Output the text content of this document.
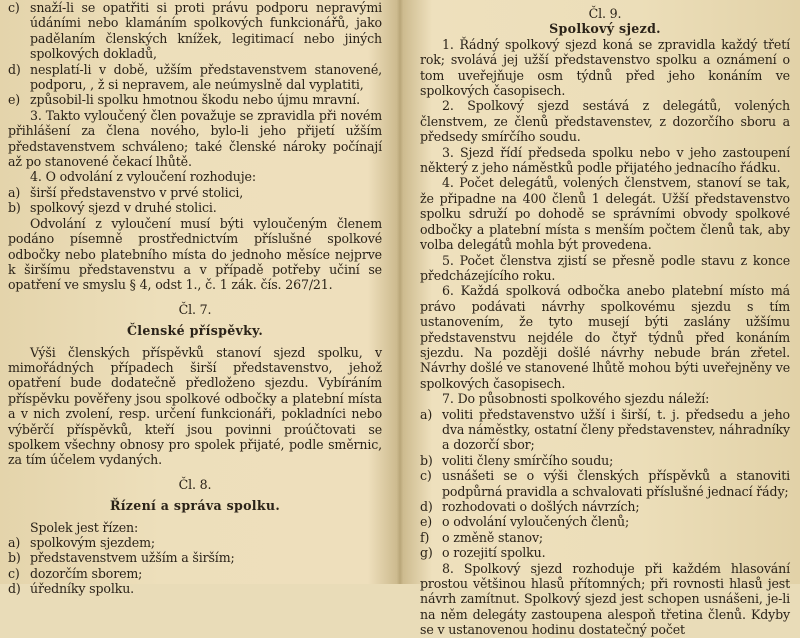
c) snaží-li se opatřiti si proti právu podporu nepravými údáními nebo klamáním spolkových funkcionářů, jako padělaním členských knížek, legitimací nebo jiných spolkových dokladů,
d) nesplatí-li v době, užším představenstvem stanovené, podporu, , ž si nepravem, ale neúmyslně dal vyplatiti,
e) způsobil-li spolku hmotnou škodu nebo újmu mravní.

3. Takto vyloučený člen považuje se zpravidla při novém přihlášení za člena nového, bylo-li jeho přijetí užším představenstvem schváleno; také členské nároky počínají až po stanovené čekací lhůtě.

4. O odvolání z vyloučení rozhoduje:

a) širší představenstvo v prvé stolici,
b) spolkový sjezd v druhé stolici.

Odvolání z vyloučení musí býti vyloučeným členem podáno písemně prostřednictvím příslušné spolkové odbočky nebo platebního místa do jednoho měsíce nejprve k širšímu představenstvu a v případě potřeby učiní se opatření ve smyslu § 4, odst 1., č. 1 zák. čís. 267/21.

Čl. 7.

Členské příspěvky.

Výši členských příspěvků stanoví sjezd spolku, v mimořádných případech širší představenstvo, jehož opatření bude dodatečně předloženo sjezdu. Vybíráním příspěvku pověřeny jsou spolkové odbočky a platební místa a v nich zvolení, resp. určení funkcionáři, pokladníci nebo výběrčí příspěvků, kteří jsou povinni proúčtovati se spolkem všechny obnosy pro spolek přijaté, podle směrnic, za tím účelem vydaných.

Čl. 8.

Řízení a správa spolku.

Spolek jest řízen:

a) spolkovým sjezdem;
b) představenstvem užším a širším;
c) dozorčím sborem;
d) úředníky spolku.

Čl. 9.

Spolkový sjezd.

1. Řádný spolkový sjezd koná se zpravidla každý třetí rok; svolává jej užší představenstvo spolku a oznámení o tom uveřejňuje osm týdnů před jeho konáním ve spolkových časopisech.

2. Spolkový sjezd sestává z delegátů, volených členstvem, ze členů představenstev, z dozorčího sboru a předsedy smírčího soudu.

3. Sjezd řídí předseda spolku nebo v jeho zastoupení některý z jeho náměstků podle přijatého jednacího řádku.

4. Počet delegátů, volených členstvem, stanoví se tak, že připadne na 400 členů 1 delegát. Užší představenstvo spolku sdruží po dohodě se správními obvody spolkové odbočky a platební místa s menším počtem členů tak, aby volba delegátů mohla být provedena.

5. Počet členstva zjistí se přesně podle stavu z konce předcházejícího roku.

6. Každá spolková odbočka anebo platební místo má právo podávati návrhy spolkovému sjezdu s tím ustanovením, že tyto musejí býti zaslány užšímu představenstvu nejdéle do čtyř týdnů před konáním sjezdu. Na později došlé návrhy nebude brán zřetel. Návrhy došlé ve stanovené lhůtě mohou býti uveřejněny ve spolkových časopisech.

7. Do působnosti spolkového sjezdu náleží:

a) voliti představenstvo užší i širší, t. j. předsedu a jeho dva náměstky, ostatní členy představenstev, náhradníky a dozorčí sbor;
b) voliti členy smírčího soudu;
c) usnášeti se o výši členských příspěvků a stanoviti podpůrná pravidla a schvalovati příslušné jednací řády;
d) rozhodovati o došlých návrzích;
e) o odvolání vyloučených členů;
f) o změně stanov;
g) o rozejití spolku.

8. Spolkový sjezd rozhoduje při každém hlasování prostou většinou hlasů přítomných; při rovnosti hlasů jest návrh zamítnut. Spolkový sjezd jest schopen usnášeni, je-li na něm delegáty zastoupena alespoň třetina členů. Kdyby se v ustanovenou hodinu dostatečný počet
